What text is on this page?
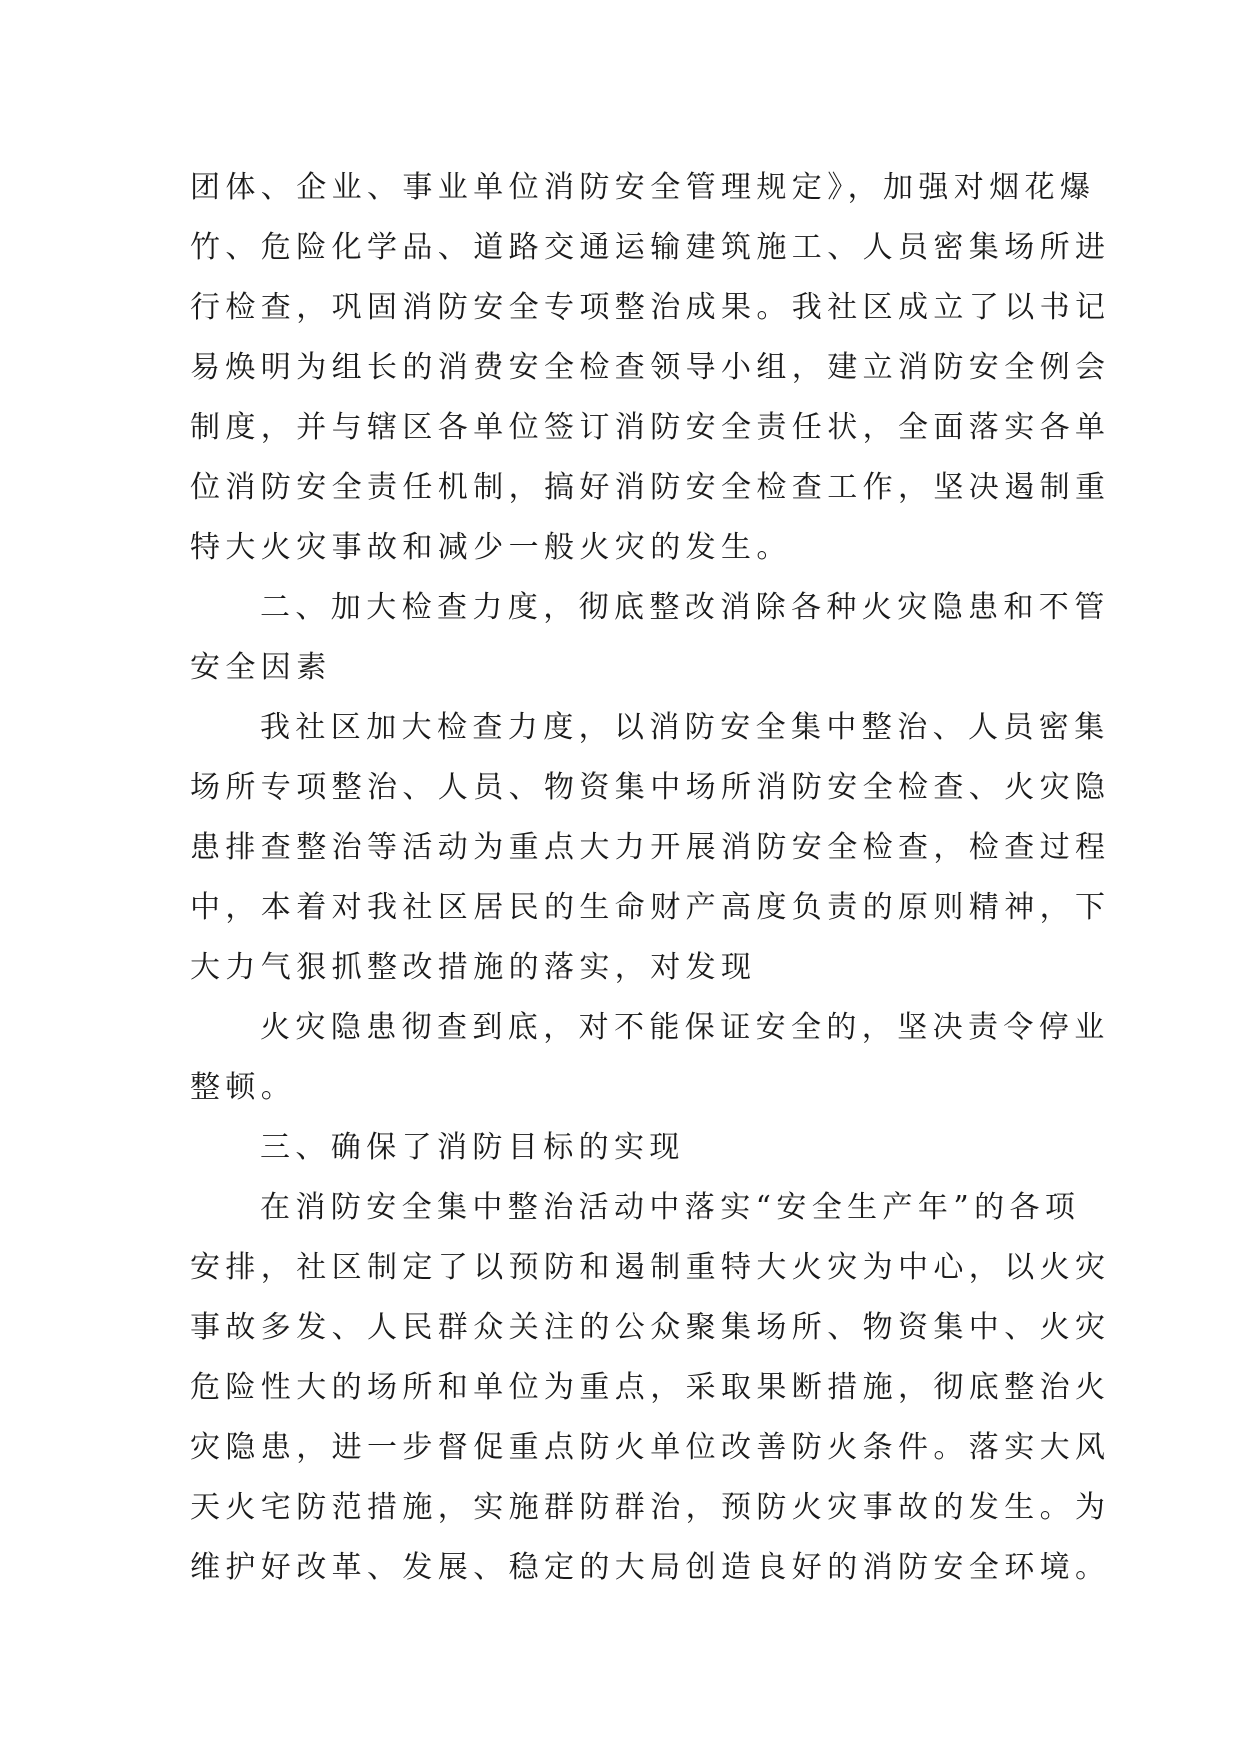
团体、企业、事业单位消防安全管理规定》，加强对烟花爆
竹、危险化学品、道路交通运输建筑施工、人员密集场所进
行检查，巩固消防安全专项整治成果。我社区成立了以书记
易焕明为组长的消费安全检查领导小组，建立消防安全例会
制度，并与辖区各单位签订消防安全责任状，全面落实各单
位消防安全责任机制，搞好消防安全检查工作，坚决遏制重
特大火灾事故和减少一般火灾的发生。
二、加大检查力度，彻底整改消除各种火灾隐患和不管
安全因素
我社区加大检查力度，以消防安全集中整治、人员密集
场所专项整治、人员、物资集中场所消防安全检查、火灾隐
患排查整治等活动为重点大力开展消防安全检查，检查过程
中，本着对我社区居民的生命财产高度负责的原则精神，下
大力气狠抓整改措施的落实，对发现
火灾隐患彻查到底，对不能保证安全的，坚决责令停业
整顿。
三、确保了消防目标的实现
在消防安全集中整治活动中落实“安全生产年”的各项
安排，社区制定了以预防和遏制重特大火灾为中心，以火灾
事故多发、人民群众关注的公众聚集场所、物资集中、火灾
危险性大的场所和单位为重点，采取果断措施，彻底整治火
灾隐患，进一步督促重点防火单位改善防火条件。落实大风
天火宅防范措施，实施群防群治，预防火灾事故的发生。为
维护好改革、发展、稳定的大局创造良好的消防安全环境。
